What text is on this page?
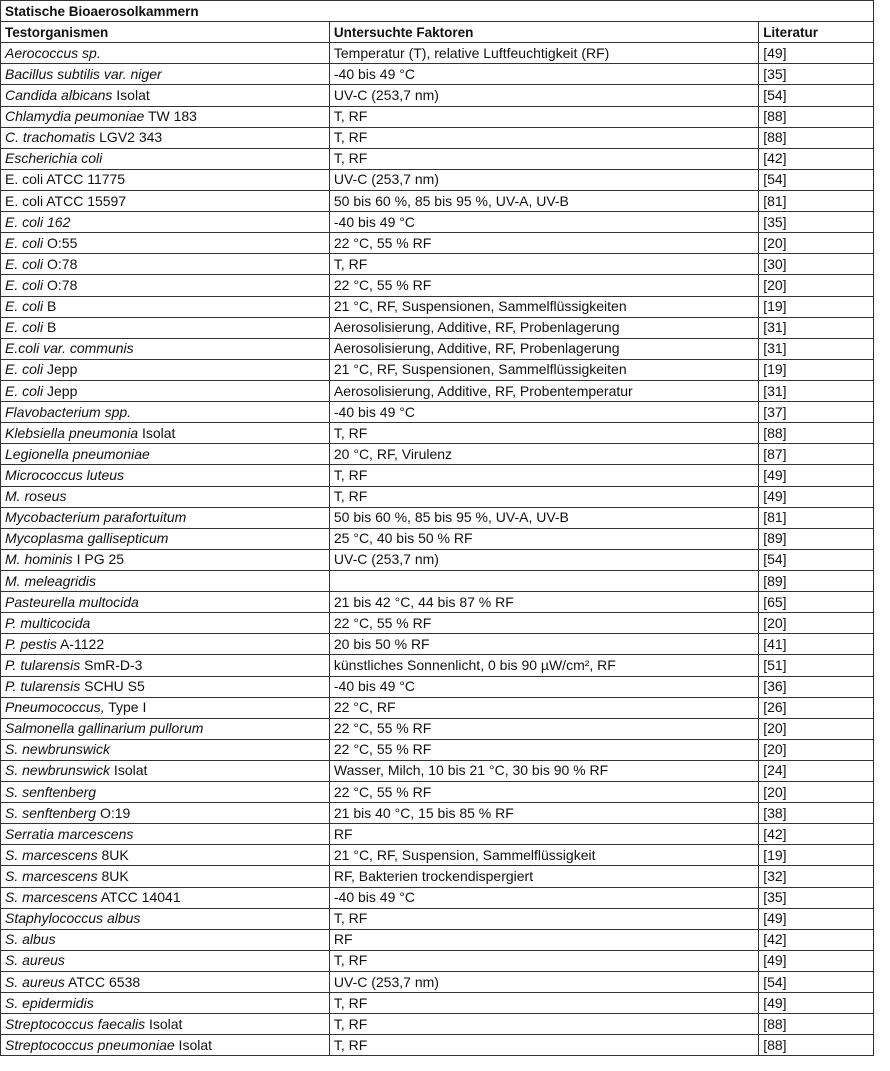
Statische Bioaerosolkammern		
Testorganismen	Untersuchte Faktoren	Literatur
Aerococcus sp.	Temperatur (T), relative Luftfeuchtigkeit (RF)	[49]
Bacillus subtilis var. niger	-40 bis 49 °C	[35]
Candida albicans Isolat	UV-C (253,7 nm)	[54]
Chlamydia peumoniae TW 183	T, RF	[88]
C. trachomatis LGV2 343	T, RF	[88]
Escherichia coli	T, RF	[42]
E. coli ATCC 11775	UV-C (253,7 nm)	[54]
E. coli ATCC 15597	50 bis 60 %, 85 bis 95 %, UV-A, UV-B	[81]
E. coli 162	-40 bis 49 °C	[35]
E. coli O:55	22 °C, 55 % RF	[20]
E. coli O:78	T, RF	[30]
E. coli O:78	22 °C, 55 % RF	[20]
E. coli B	21 °C, RF, Suspensionen, Sammelflüssigkeiten	[19]
E. coli B	Aerosolisierung, Additive, RF, Probenlagerung	[31]
E.coli var. communis	Aerosolisierung, Additive, RF, Probenlagerung	[31]
E. coli Jepp	21 °C, RF, Suspensionen, Sammelflüssigkeiten	[19]
E. coli Jepp	Aerosolisierung, Additive, RF, Probentemperatur	[31]
Flavobacterium spp.	-40 bis 49 °C	[37]
Klebsiella pneumonia Isolat	T, RF	[88]
Legionella pneumoniae	20 °C, RF, Virulenz	[87]
Micrococcus luteus	T, RF	[49]
M. roseus	T, RF	[49]
Mycobacterium parafortuitum	50 bis 60 %, 85 bis 95 %, UV-A, UV-B	[81]
Mycoplasma gallisepticum	25 °C, 40 bis 50 % RF	[89]
M. hominis I PG 25	UV-C (253,7 nm)	[54]
M. meleagridis		[89]
Pasteurella multocida	21 bis 42 °C, 44 bis 87 % RF	[65]
P. multicocida	22 °C, 55 % RF	[20]
P. pestis A-1122	20 bis 50 % RF	[41]
P. tularensis SmR-D-3	künstliches Sonnenlicht, 0 bis 90 µW/cm², RF	[51]
P. tularensis SCHU S5	-40 bis 49 °C	[36]
Pneumococcus, Type I	22 °C, RF	[26]
Salmonella gallinarium pullorum	22 °C, 55 % RF	[20]
S. newbrunswick	22 °C, 55 % RF	[20]
S. newbrunswick Isolat	Wasser, Milch, 10 bis 21 °C, 30 bis 90 % RF	[24]
S. senftenberg	22 °C, 55 % RF	[20]
S. senftenberg O:19	21 bis 40 °C, 15 bis 85 % RF	[38]
Serratia marcescens	RF	[42]
S. marcescens 8UK	21 °C, RF, Suspension, Sammelflüssigkeit	[19]
S. marcescens 8UK	RF, Bakterien trockendispergiert	[32]
S. marcescens ATCC 14041	-40 bis 49 °C	[35]
Staphylococcus albus	T, RF	[49]
S. albus	RF	[42]
S. aureus	T, RF	[49]
S. aureus ATCC 6538	UV-C (253,7 nm)	[54]
S. epidermidis	T, RF	[49]
Streptococcus faecalis Isolat	T, RF	[88]
Streptococcus pneumoniae Isolat	T, RF	[88]
